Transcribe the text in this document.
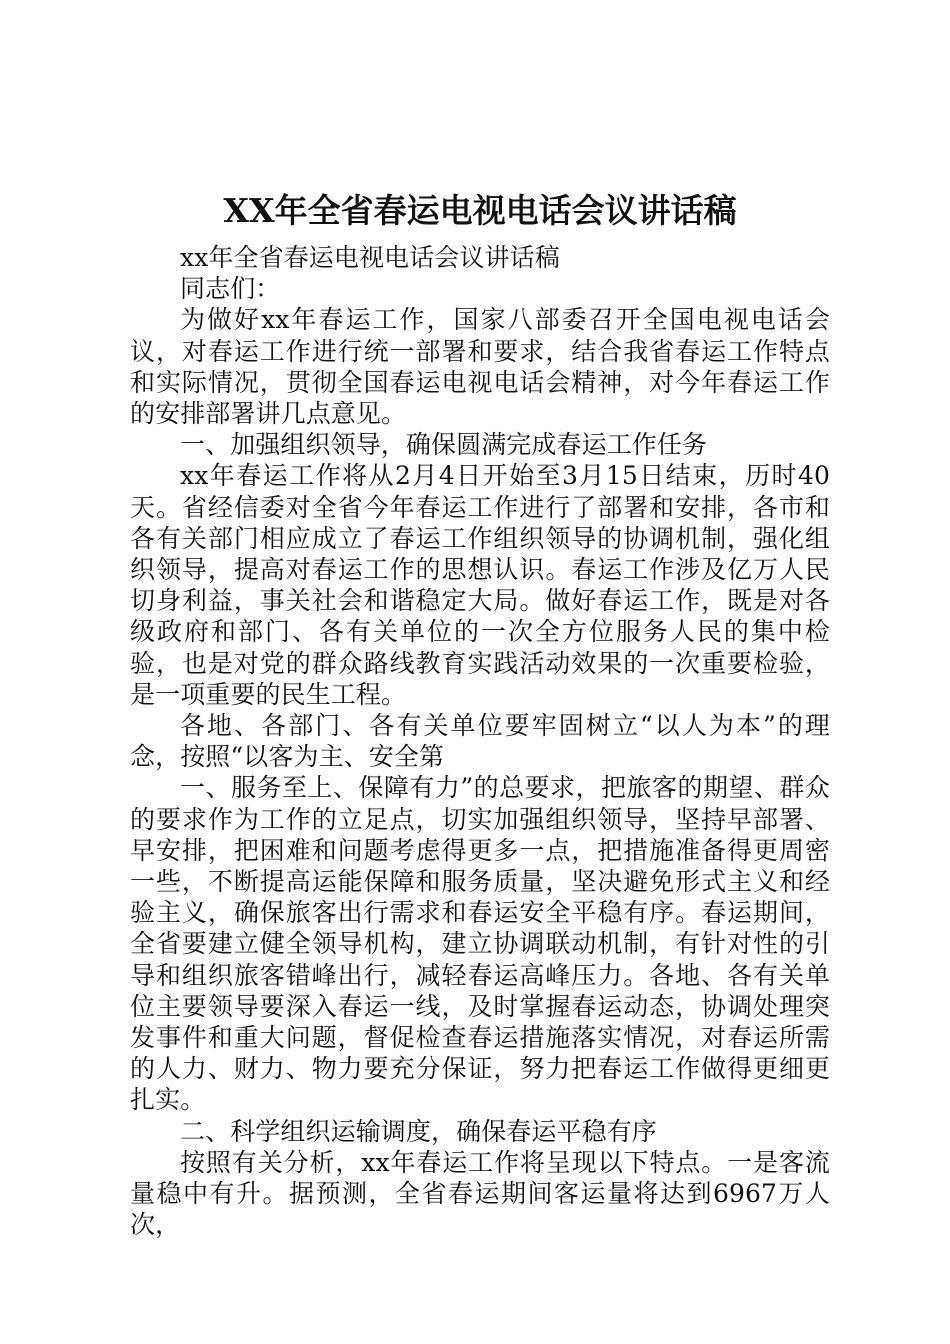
XX年全省春运电视电话会议讲话稿

xx年全省春运电视电话会议讲话稿

同志们：

为做好xx年春运工作，国家八部委召开全国电视电话会议，对春运工作进行统一部署和要求，结合我省春运工作特点和实际情况，贯彻全国春运电视电话会精神，对今年春运工作的安排部署讲几点意见。

一、加强组织领导，确保圆满完成春运工作任务

xx年春运工作将从2月4日开始至3月15日结束，历时40天。省经信委对全省今年春运工作进行了部署和安排，各市和各有关部门相应成立了春运工作组织领导的协调机制，强化组织领导，提高对春运工作的思想认识。春运工作涉及亿万人民切身利益，事关社会和谐稳定大局。做好春运工作，既是对各级政府和部门、各有关单位的一次全方位服务人民的集中检验，也是对党的群众路线教育实践活动效果的一次重要检验，是一项重要的民生工程。

各地、各部门、各有关单位要牢固树立“以人为本”的理念，按照“以客为主、安全第

一、服务至上、保障有力”的总要求，把旅客的期望、群众的要求作为工作的立足点，切实加强组织领导，坚持早部署、早安排，把困难和问题考虑得更多一点，把措施准备得更周密一些，不断提高运能保障和服务质量，坚决避免形式主义和经验主义，确保旅客出行需求和春运安全平稳有序。春运期间，全省要建立健全领导机构，建立协调联动机制，有针对性的引导和组织旅客错峰出行，减轻春运高峰压力。各地、各有关单位主要领导要深入春运一线，及时掌握春运动态，协调处理突发事件和重大问题，督促检查春运措施落实情况，对春运所需的人力、财力、物力要充分保证，努力把春运工作做得更细更扎实。

二、科学组织运输调度，确保春运平稳有序

按照有关分析，xx年春运工作将呈现以下特点。一是客流量稳中有升。据预测，全省春运期间客运量将达到6967万人次，
